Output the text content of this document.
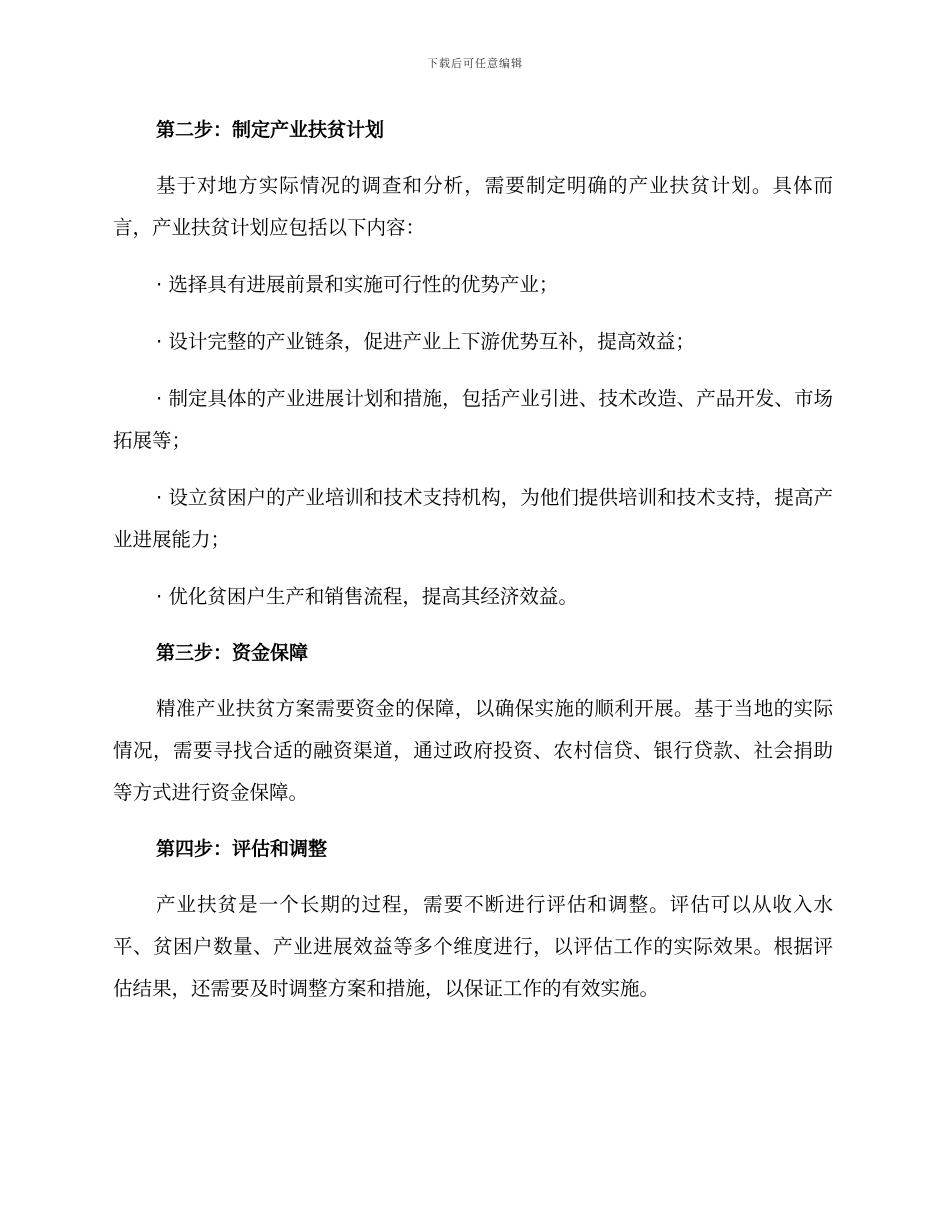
下载后可任意编辑
第二步：制定产业扶贫计划

基于对地方实际情况的调查和分析，需要制定明确的产业扶贫计划。具体而言，产业扶贫计划应包括以下内容：

· 选择具有进展前景和实施可行性的优势产业；

· 设计完整的产业链条，促进产业上下游优势互补，提高效益；

· 制定具体的产业进展计划和措施，包括产业引进、技术改造、产品开发、市场拓展等；

· 设立贫困户的产业培训和技术支持机构，为他们提供培训和技术支持，提高产业进展能力；

· 优化贫困户生产和销售流程，提高其经济效益。

第三步：资金保障

精准产业扶贫方案需要资金的保障，以确保实施的顺利开展。基于当地的实际情况，需要寻找合适的融资渠道，通过政府投资、农村信贷、银行贷款、社会捐助等方式进行资金保障。

第四步：评估和调整

产业扶贫是一个长期的过程，需要不断进行评估和调整。评估可以从收入水平、贫困户数量、产业进展效益等多个维度进行，以评估工作的实际效果。根据评估结果，还需要及时调整方案和措施，以保证工作的有效实施。
